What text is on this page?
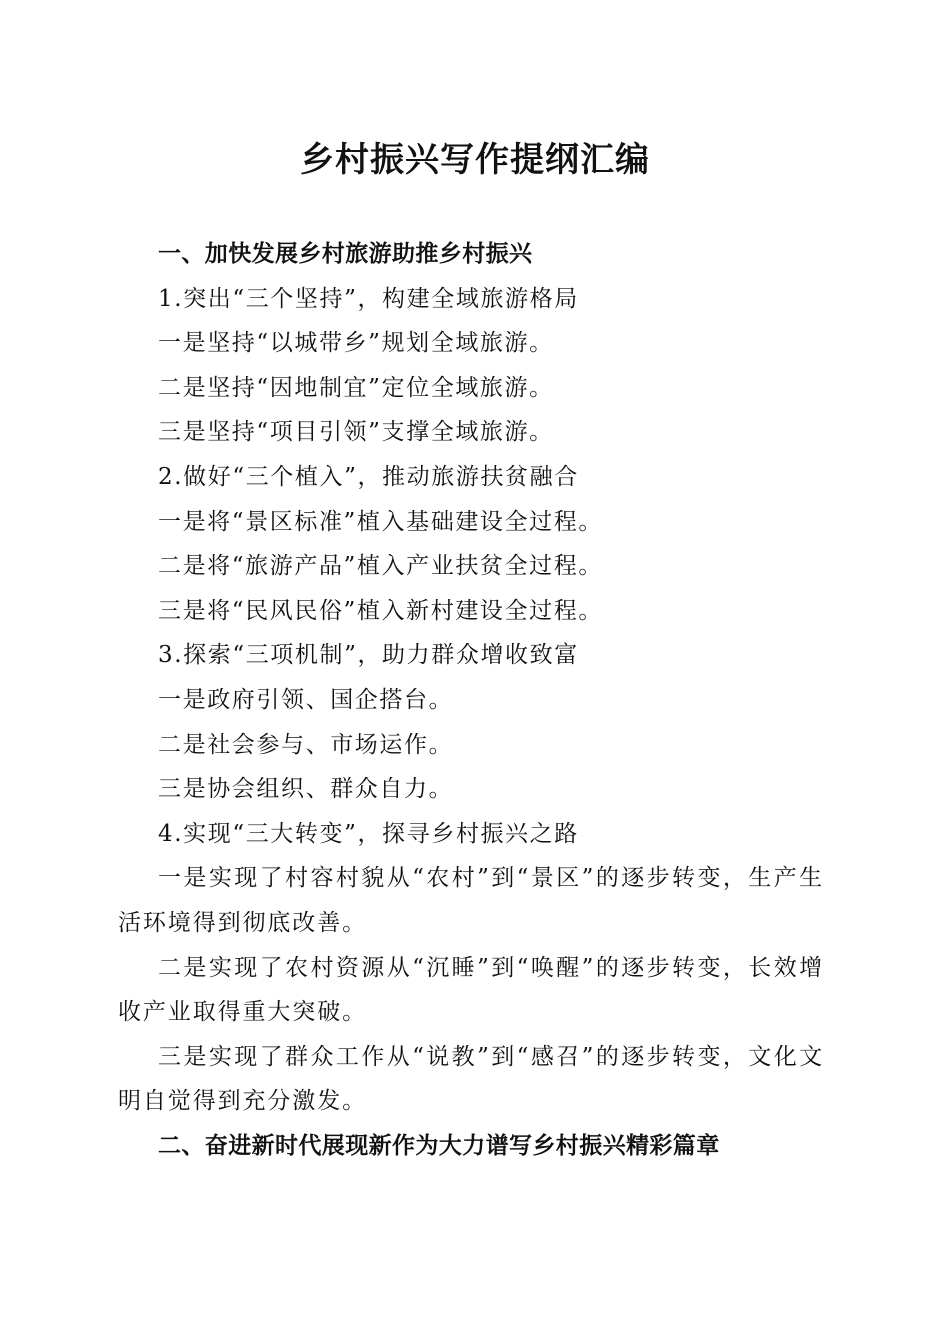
乡村振兴写作提纲汇编
一、加快发展乡村旅游助推乡村振兴
1.突出“三个坚持”，构建全域旅游格局
一是坚持“以城带乡”规划全域旅游。
二是坚持“因地制宜”定位全域旅游。
三是坚持“项目引领”支撑全域旅游。
2.做好“三个植入”，推动旅游扶贫融合
一是将“景区标准”植入基础建设全过程。
二是将“旅游产品”植入产业扶贫全过程。
三是将“民风民俗”植入新村建设全过程。
3.探索“三项机制”，助力群众增收致富
一是政府引领、国企搭台。
二是社会参与、市场运作。
三是协会组织、群众自力。
4.实现“三大转变”，探寻乡村振兴之路
一是实现了村容村貌从“农村”到“景区”的逐步转变，生产生活环境得到彻底改善。
二是实现了农村资源从“沉睡”到“唤醒”的逐步转变，长效增收产业取得重大突破。
三是实现了群众工作从“说教”到“感召”的逐步转变，文化文明自觉得到充分激发。
二、奋进新时代展现新作为大力谱写乡村振兴精彩篇章
